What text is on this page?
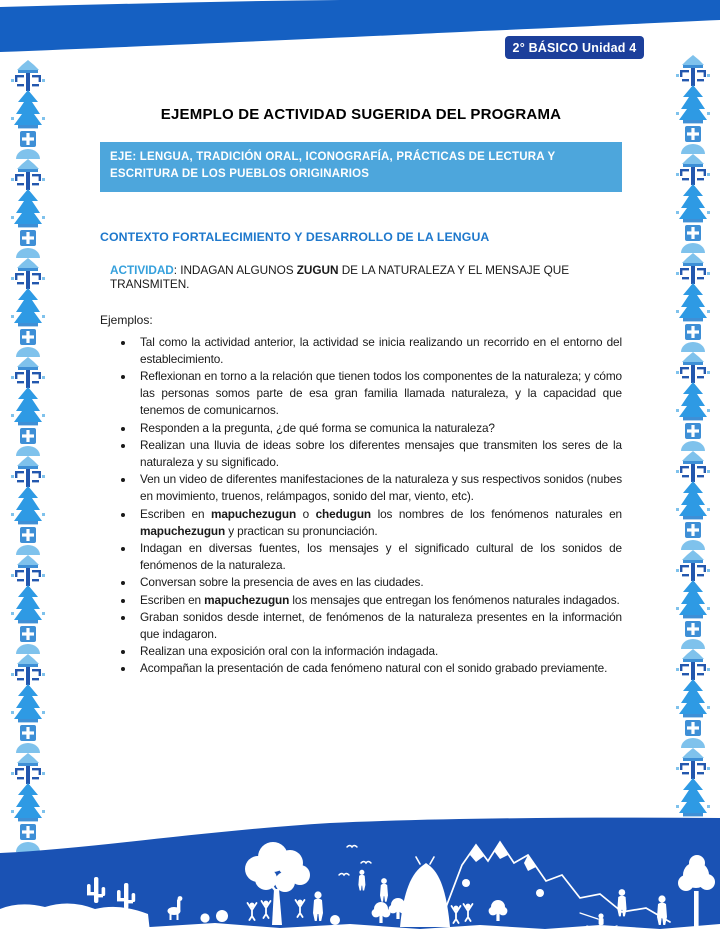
2° BÁSICO Unidad 4
EJEMPLO DE ACTIVIDAD SUGERIDA DEL PROGRAMA
EJE: LENGUA, TRADICIÓN ORAL, ICONOGRAFÍA, PRÁCTICAS DE LECTURA Y ESCRITURA DE LOS PUEBLOS ORIGINARIOS
CONTEXTO FORTALECIMIENTO Y DESARROLLO DE LA LENGUA

ACTIVIDAD: INDAGAN ALGUNOS ZUGUN DE LA NATURALEZA Y EL MENSAJE QUE TRANSMITEN.

Ejemplos:

• Tal como la actividad anterior, la actividad se inicia realizando un recorrido en el entorno del establecimiento.
• Reflexionan en torno a la relación que tienen todos los componentes de la naturaleza; y cómo las personas somos parte de esa gran familia llamada naturaleza, y la capacidad que tenemos de comunicarnos.
• Responden a la pregunta, ¿de qué forma se comunica la naturaleza?
• Realizan una lluvia de ideas sobre los diferentes mensajes que transmiten los seres de la naturaleza y su significado.
• Ven un video de diferentes manifestaciones de la naturaleza y sus respectivos sonidos (nubes en movimiento, truenos, relámpagos, sonido del mar, viento, etc).
• Escriben en mapuchezugun o chedugun los nombres de los fenómenos naturales en mapuchezugun y practican su pronunciación.
• Indagan en diversas fuentes, los mensajes y el significado cultural de los sonidos de fenómenos de la naturaleza.
• Conversan sobre la presencia de aves en las ciudades.
• Escriben en mapuchezugun los mensajes que entregan los fenómenos naturales indagados.
• Graban sonidos desde internet, de fenómenos de la naturaleza presentes en la información que indagaron.
• Realizan una exposición oral con la información indagada.
• Acompañan la presentación de cada fenómeno natural con el sonido grabado previamente.
